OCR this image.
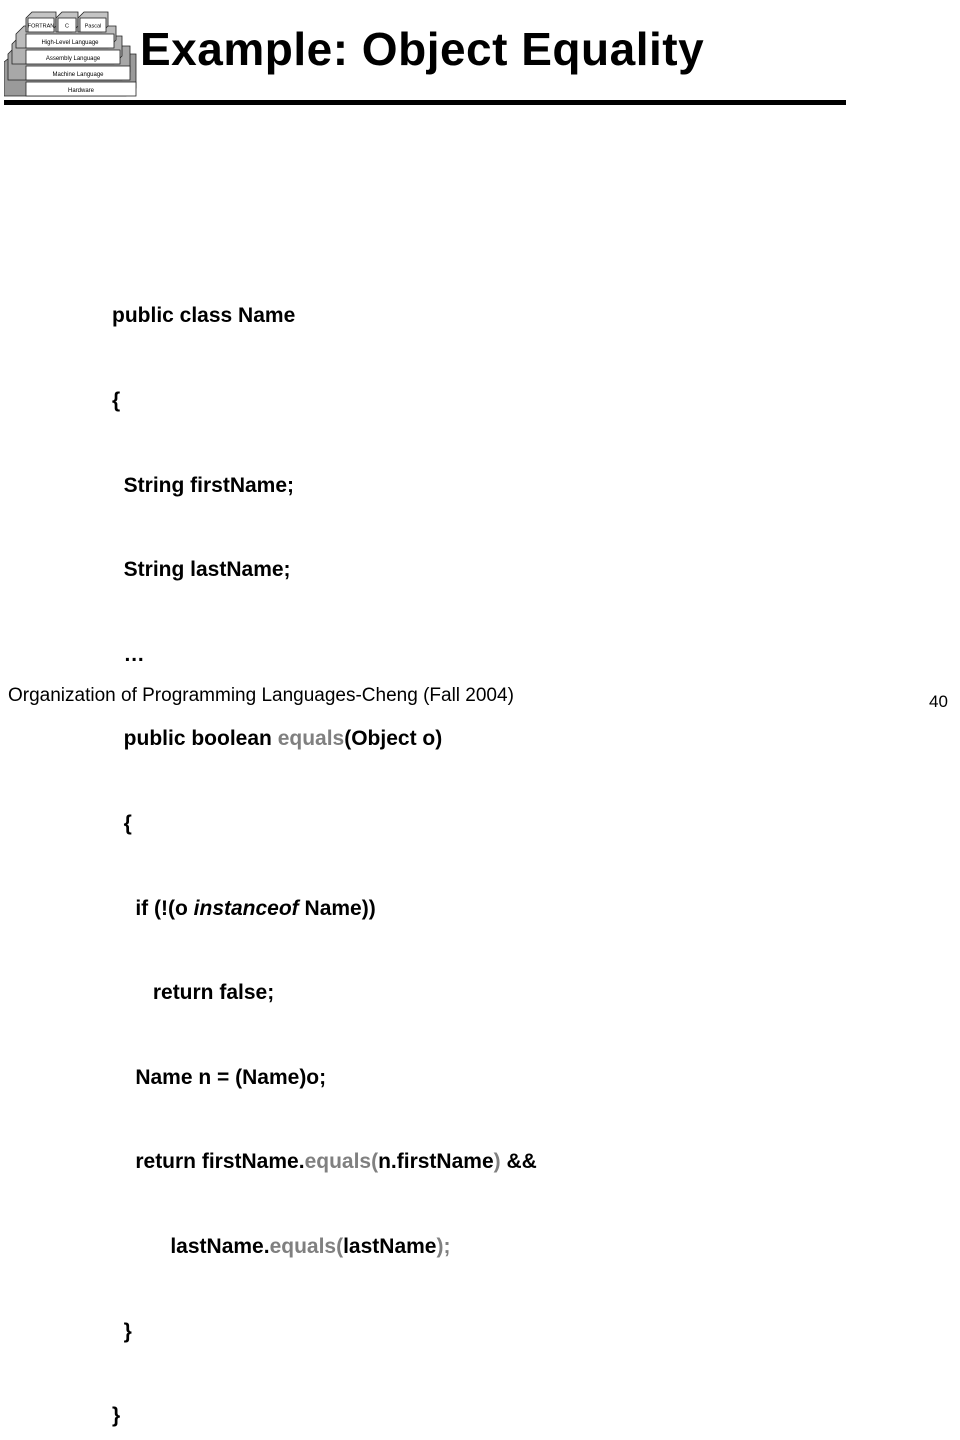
Hardware
Machine Language
Assembly Language
High-Level Language
FORTRAN C	Pascal Example: Object Equality

public class Name

{

String firstName;

String lastName;

…

public boolean equals(Object o)

{

if (!(o instanceof Name))

return false;

Name n = (Name)o;

return firstName.equals(n.firstName) &&

lastName.equals(lastName);

}

}

Organization of Programming Languages-Cheng (Fall 2004)	40
